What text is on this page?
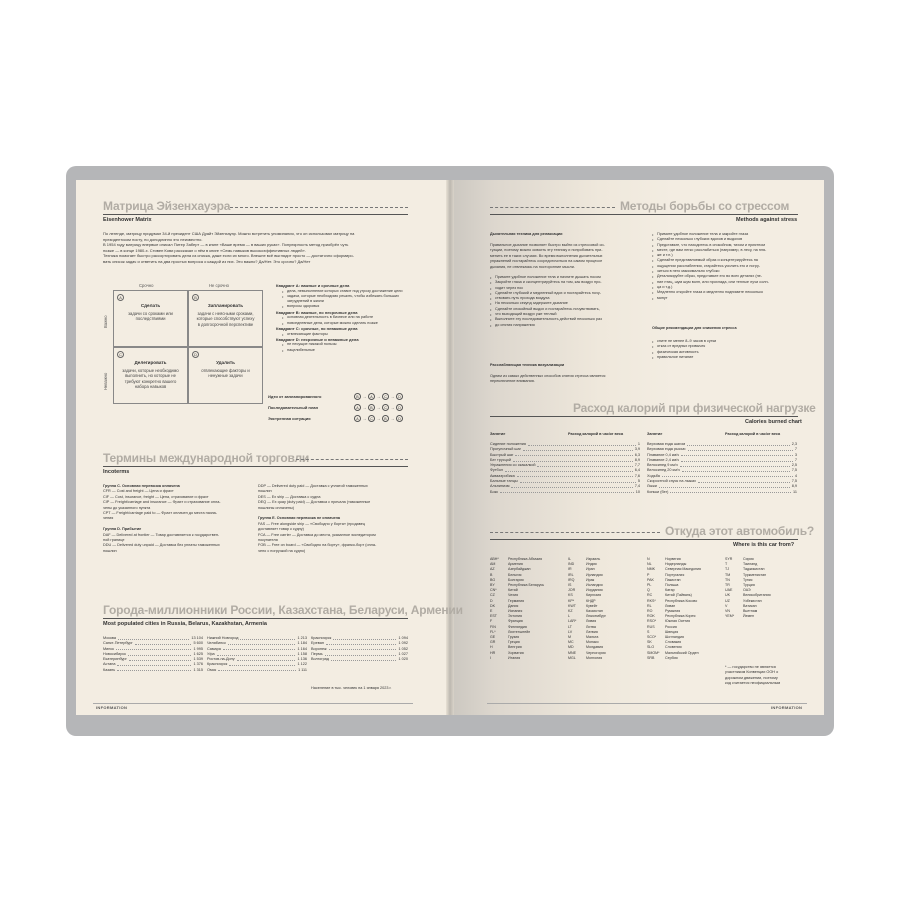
Матрица Эйзенхауэра
Eisenhower Matrix
По легенде, матрицу придумал 34-й президент США Дуайт Эйзенхауэр. Можно встретить упоминания, что он использовал матрицу на
президентском посту, но доподлинно это неизвестно.
В 1954 году матрицу впервые описал Питер Заберт — в книге «Ваше время — в ваших руках». Популярность метод приобрёл чуть
позже — в конце 1980-х. Стивен Кови рассказал о нём в книге «Семь навыков высокоэффективных людей».
Техника помогает быстро рассортировать дела из списка, даже если их много. Внешне всё выглядит просто — достаточно сформиро-
вать список задач и ответить на два простых вопроса о каждой из них. Это важно? Да/Нет. Это срочно? Да/Нет
Срочно	Не срочно
Важно
Неважно
A
Сделать
задачи со сроками или последствиями
B
Запланировать
задачи с неясными сроками, которые способствуют успеху в долгосрочной перспективе
C
Делегировать
задачи, которые необходимо выполнить, но которые не требуют конкретно вашего набора навыков
D
Удалить
отвлекающие факторы и ненужные задачи
Квадрант A: важные и срочные дела
• дела, невыполнение которых ставит под угрозу достижение цели
• задачи, которые необходимо решить, чтобы избежать больших затруднений в жизни
• вопросы здоровья
Квадрант B: важные, но несрочные дела
• основная деятельность в бизнесе или на работе
• повседневные дела, которые можно сделать позже
Квадрант C: срочные, но неважные дела
• отвлекающие факторы
Квадрант D: несрочные и неважные дела
• не несущие никакой пользы
• нацелибельные
Идти от запланированного	B →	A →	C →	D
Последовательный план	A →	B →	C →	D
Экстренная ситуация	A →	C →	B →	D
Термины международной торговли
Incoterms
Группа C. Основная перевозка оплачена
CFR — Cost and freight — Цена и фрахт
CIF — Cost, insurance, freight — Цена, страхование и фрахт
CIP — Freight/carriage and insurance — Фрахт и страхование опла-
чены до указанного пункта
CPT — Freight/carriage paid to — Фрахт оплачен до места назна-
чения

Группа D. Прибытие
DAF — Delivered at frontier — Товар доставляется к государствен-
ной границе
DDU — Delivered duty unpaid — Доставка без уплаты таможенных
пошлин
DDP — Delivered duty paid — Доставка с уплатой таможенных
пошлин
DES — Ex ship — Доставка с судна
DEQ — Ex quay (duty paid) — Доставка с причала (таможенные
пошлины оплачены)

Группа E. Основная перевозка не оплачена
FAS — Free alongside ship — «Свободно у борта» (продавец
доставляет товар к судну)
FCA — Free carrier — Доставка до места, указанное экспедитором
покупателя
FOB — Free on board — «Свободно на борту», франко-борт (опла-
чено с погрузкой на судно)
Города-миллионники России, Казахстана, Беларуси, Армении
Most populated cities in Russia, Belarus, Kazakhstan, Armenia
Москва	13 104
Санкт-Петербург	5 600
Минск	1 995
Новосибирск	1 625
Екатеринбург	1 539
Астана	1 376
Казань	1 315
Нижний Новгород	1 213
Челябинск	1 184
Самара	1 164
Уфа	1 158
Ростов-на-Дону	1 136
Красноярск	1 122
Омск	1 111
Красноярск	1 094
Ереван	1 092
Воронеж	1 052
Пермь	1 027
Волгоград	1 020
Население в тыс. человек на 1 января 2023 г.
INFORMATION
Методы борьбы со стрессом
Methods against stress
Дыхательная техника для релаксации
Правильное дыхание позволяет быстро выйти из стрессовой си-
туации, поэтому можно освоить эту технику и попробовать при-
менить ее в таких случаях. Во время выполнения дыхательных
упражнений постарайтесь сосредоточиться на самом процессе
дыхания, не отвлекаясь на посторонние мысли.
• Примите удобное положение тела и начните дышать носом
• Закройте глаза и сконцентрируйтесь на том, как воздух про-
• ходит через нос
• Сделайте глубокий и медленный вдох и постарайтесь почу-
• ствовать путь прохода воздуха
• На несколько секунд задержите дыхание
• Сделайте спокойный выдох и постарайтесь почувствовать,
• что выходящий воздух уже теплый
• Выполните эту последовательность действий несколько раз
• до снятия напряжения
Расслабляющая техника визуализации
Одним из самых действенных способов снятия стресса является
переключение внимания.
• Примите удобное положение тела и закройте глаза
• Сделайте несколько глубоких вдохов и выдохов
• Представьте, что находитесь в спокойном, тихом и приятном
• месте, где вам легко расслабиться (например, в лесу, на пля-
• же и т.п.)
• Сделайте представляемый образ и концентрируйтесь на
• ощущении расслабления, старайтесь усилить его и погру-
• зиться в него максимально глубоко
• Детализируйте образ, представьте его во всех деталях (пе-
• ние птиц, шум шум волн, или прохлада, или теплые лучи солн-
• ца и т.д.)
• Медленно откройте глаза и медленно поднимите несколько
• минут
Общие рекомендации для снижения стресса
• спите не менее 8–9 часов в сутки
• отказ от вредных привычек
• физическая активность
• правильное питание
Расход калорий при физической нагрузке
Calories burned chart
Занятие	Расход калорий в час/кг веса	Занятие	Расход калорий в час/кг веса
Сидение положения	1
Прогулочный шаг	3,9
Быстрый шаг	6,3
Бег трусцой	8,9
Упражнения со скакалкой	7,7
Футбол	6,4
Аквааэробика	7,6
Бальные танцы	5
Альпинизм	7,4
Бокс	10
Верховая езда шагом	2,3
Верховая езда рысью	7
Плавание 0,4 км/ч	3
Плавание 2,4 км/ч	7
Велосипед 9 км/ч	2,5
Велосипед 20 км/ч	7,5
Ходьба	4
Скоростной спуск на лыжах	7,5
Лыжи	8,9
Коньки (бег)	11
Откуда этот автомобиль?
Where is this car from?
ABH*	Республика Абхазия
AM	Армения
AZ	Азербайджан
B	Бельгия
BG	Болгария
BY	Республика Беларусь
CN*	Китай
CZ	Чехия
D	Германия
DK	Дания
E	Испания
EST	Эстония
F	Франция
FIN	Финляндия
FL*	Лихтенштейн
GE	Грузия
GR	Греция
H	Венгрия
HR	Хорватия
I	Италия
IL	Израиль
IND	Индия
IR	Иран
IRL	Ирландия
IRQ	Ирак
IS	Исландия
JOR	Иордания
KS	Киргизия
KP*	КНДР
KWT	Кувейт
KZ	Казахстан
L	Люксембург
LAR*	Ливия
LT	Литва
LV	Латвия
M	Мальта
MC	Монако
MD	Молдавия
MNE	Черногория
MGL	Монголия
N	Норвегия
NL	Нидерланды
NMK	Северная Македония
P	Португалия
PAK	Пакистан
PL	Польша
Q	Катар
RC	Китай (Тайвань)
RKS*	Республика Косово
RL	Ливан
RO	Румыния
ROK	Республика Корея
RSO*	Южная Осетия
RUS	Россия
S	Швеция
SCO*	Шотландия
SK	Словакия
SLO	Словения
SMOM*	Мальтийский Орден
SRB	Сербия
SYR	Сирия
T	Таиланд
TJ	Таджикистан
TM	Туркменистан
TN	Тунис
TR	Турция
UAE	ОАЭ
UK	Великобритания
UZ	Узбекистан
V	Ватикан
VN	Вьетнам
YEM*	Йемен
* — государство не является
участником Конвенции ООН о
дорожном движении, поэтому
код считается неофициальным
INFORMATION
